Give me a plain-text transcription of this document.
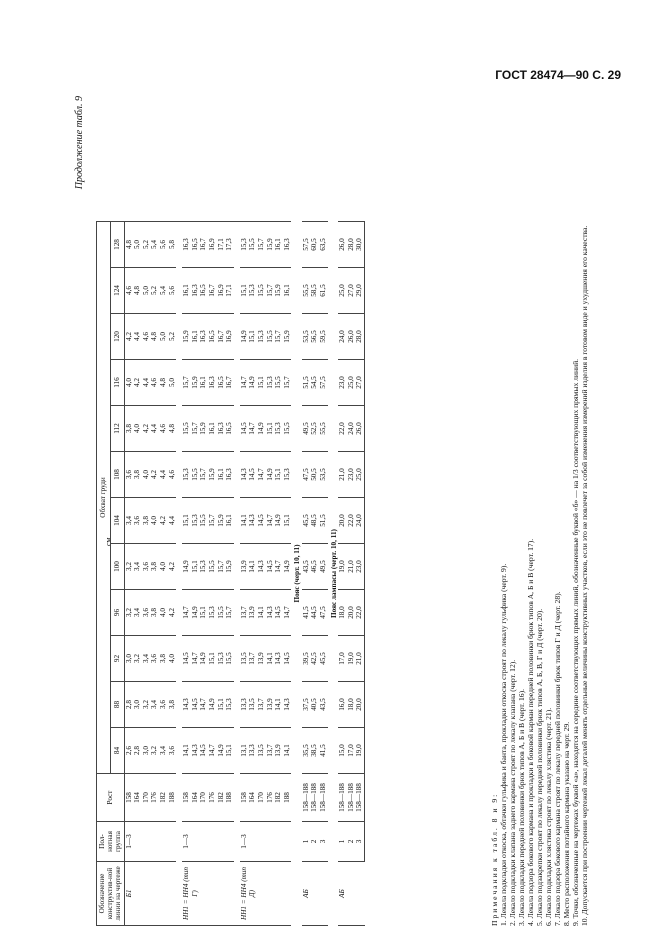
ГОСТ 28474—90 С. 29
Продолжение табл. 9
см
Обозначение конструктив-ной линии на чертеже	Пол-нотная группа	Рост	Обхват груди											
			84	88	92	96	100	104	108	112	116	120	124	128
Б1	1—3	158	2,6	2,8	3,0	3,2	3,2	3,4	3,6	3,8	4,0	4,2	4,6	4,8
		164	2,8	3,0	3,2	3,4	3,4	3,6	3,8	4,0	4,2	4,4	4,8	5,0
		170	3,0	3,2	3,4	3,6	3,6	3,8	4,0	4,2	4,4	4,6	5,0	5,2
		176	3,2	3,4	3,6	3,8	3,8	4,0	4,2	4,4	4,6	4,8	5,2	5,4
		182	3,4	3,6	3,8	4,0	4,0	4,2	4,4	4,6	4,8	5,0	5,4	5,6
		188	3,6	3,8	4,0	4,2	4,2	4,4	4,6	4,8	5,0	5,2	5,6	5,8

НН1 = НН4 (тип Г)	1—3	158	14,1	14,3	14,5	14,7	14,9	15,1	15,3	15,5	15,7	15,9	16,1	16,3
		164	14,3	14,5	14,7	14,9	15,1	15,3	15,5	15,7	15,9	16,1	16,3	16,5
		170	14,5	14,7	14,9	15,1	15,3	15,5	15,7	15,9	16,1	16,3	16,5	16,7
		176	14,7	14,9	15,1	15,3	15,5	15,7	15,9	16,1	16,3	16,5	16,7	16,9
		182	14,9	15,1	15,3	15,5	15,7	15,9	16,1	16,3	16,5	16,7	16,9	17,1
		188	15,1	15,3	15,5	15,7	15,9	16,1	16,3	16,5	16,7	16,9	17,1	17,3

НН1 = НН4 (тип Д)	1—3	158	13,1	13,3	13,5	13,7	13,9	14,1	14,3	14,5	14,7	14,9	15,1	15,3
		164	13,3	13,5	13,7	13,9	14,1	14,3	14,5	14,7	14,9	15,1	15,3	15,5
		170	13,5	13,7	13,9	14,1	14,3	14,5	14,7	14,9	15,1	15,3	15,5	15,7
		176	13,7	13,9	14,1	14,3	14,5	14,7	14,9	15,1	15,3	15,5	15,7	15,9
		182	13,9	14,1	14,3	14,5	14,7	14,9	15,1	15,3	15,5	15,7	15,9	16,1
		188	14,1	14,3	14,5	14,7	14,9	15,1	15,3	15,5	15,7	15,9	16,1	16,3
Пояс (черт. 10, 11)														
АБ	1	158—188	35,5	37,5	39,5	41,5	43,5	45,5	47,5	49,5	51,5	53,5	55,5	57,5
	2	158—188	38,5	40,5	42,5	44,5	46,5	48,5	50,5	52,5	54,5	56,5	58,5	60,5
	3	158—188	41,5	43,5	45,5	47,5	49,5	51,5	53,5	55,5	57,5	59,5	61,5	63,5
Пояс лампасы (черт. 10, 11)														
АБ	1	158—188	15,0	16,0	17,0	18,0	19,0	20,0	21,0	22,0	23,0	24,0	25,0	26,0
	2	158—188	17,0	18,0	19,0	20,0	21,0	22,0	23,0	24,0	25,0	26,0	27,0	28,0
	3	158—188	19,0	20,0	21,0	22,0	23,0	24,0	25,0	26,0	27,0	28,0	29,0	30,0

Примечания к табл. 8 и 9: 1. Лекала подкладки откоска, обтачки гульфика и банта, прокладки откоска строят по лекалу гульфика (черт. 9). 2. Лекало подкладки клапана заднего кармана строят по лекалу клапана (черт. 12). 3. Лекало подкладки передней половинки брюк типов А, Б и В (черт. 16). 4. Лекала подзора бокового кармана и прокладки в боковой карман передней половинки брюк типов А, Б и В (черт. 17). 5. Лекало подзакрепки строят по лекалу передней половинки брюк типов А, Б, В, Г и Д (черт. 20). 6. Лекало подкладки хлястика строят по лекалу хлястика (черт. 21). 7. Лекало подзора бокового кармана строят по лекалу передней половинки брюк типов Г и Д (черт. 28). 8. Место расположения потайного кармана указано на черт. 29. 9. Точки, обозначенные на чертежах буквой «а», находятся на середине соответствующих прямых линий, обозначенные буквой «б» — на 1/3 соответствующих прямых линий. 10. Допускается при построении чертежей лекал деталей менять отдельные величины конструктивных участков, если это не повлечет за собой изменения измерений изделия в готовом виде и ухудшения его качества.
